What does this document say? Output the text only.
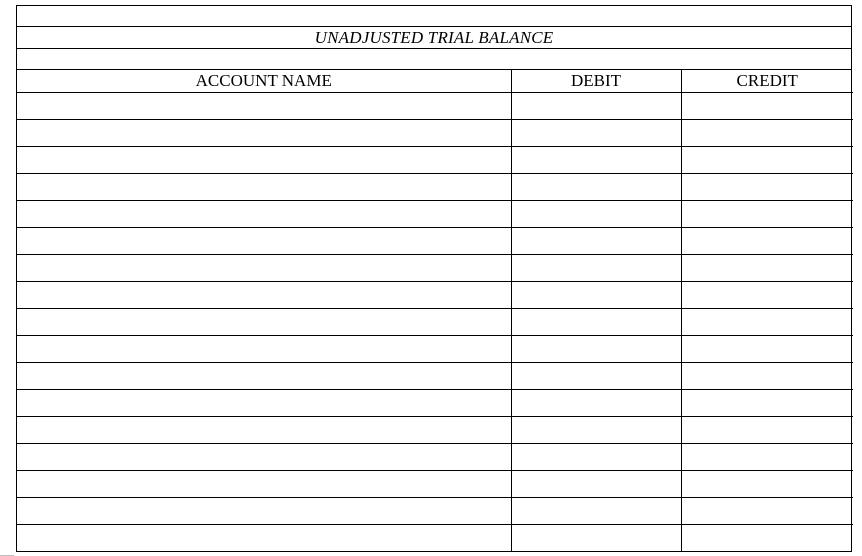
UNADJUSTED TRIAL BALANCE
ACCOUNT NAME	DEBIT	CREDIT
